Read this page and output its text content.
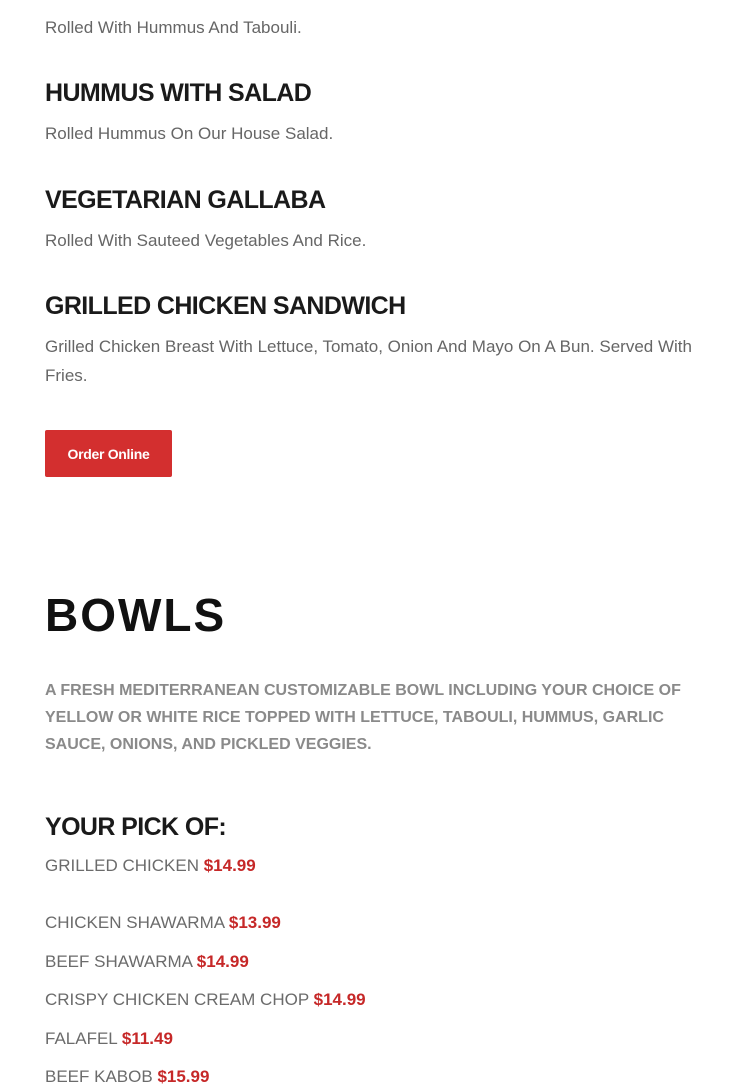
Rolled With Hummus And Tabouli.

HUMMUS WITH SALAD

Rolled Hummus On Our House Salad.

VEGETARIAN GALLABA

Rolled With Sauteed Vegetables And Rice.

GRILLED CHICKEN SANDWICH

Grilled Chicken Breast With Lettuce, Tomato, Onion And Mayo On A Bun. Served With Fries.

Order Online
BOWLS

A FRESH MEDITERRANEAN CUSTOMIZABLE BOWL INCLUDING YOUR CHOICE OF YELLOW OR WHITE RICE TOPPED WITH LETTUCE, TABOULI, HUMMUS, GARLIC SAUCE, ONIONS, AND PICKLED VEGGIES.

YOUR PICK OF:

GRILLED CHICKEN $14.99

CHICKEN SHAWARMA $13.99

BEEF SHAWARMA $14.99

CRISPY CHICKEN CREAM CHOP $14.99

FALAFEL $11.49

BEEF KABOB $15.99
